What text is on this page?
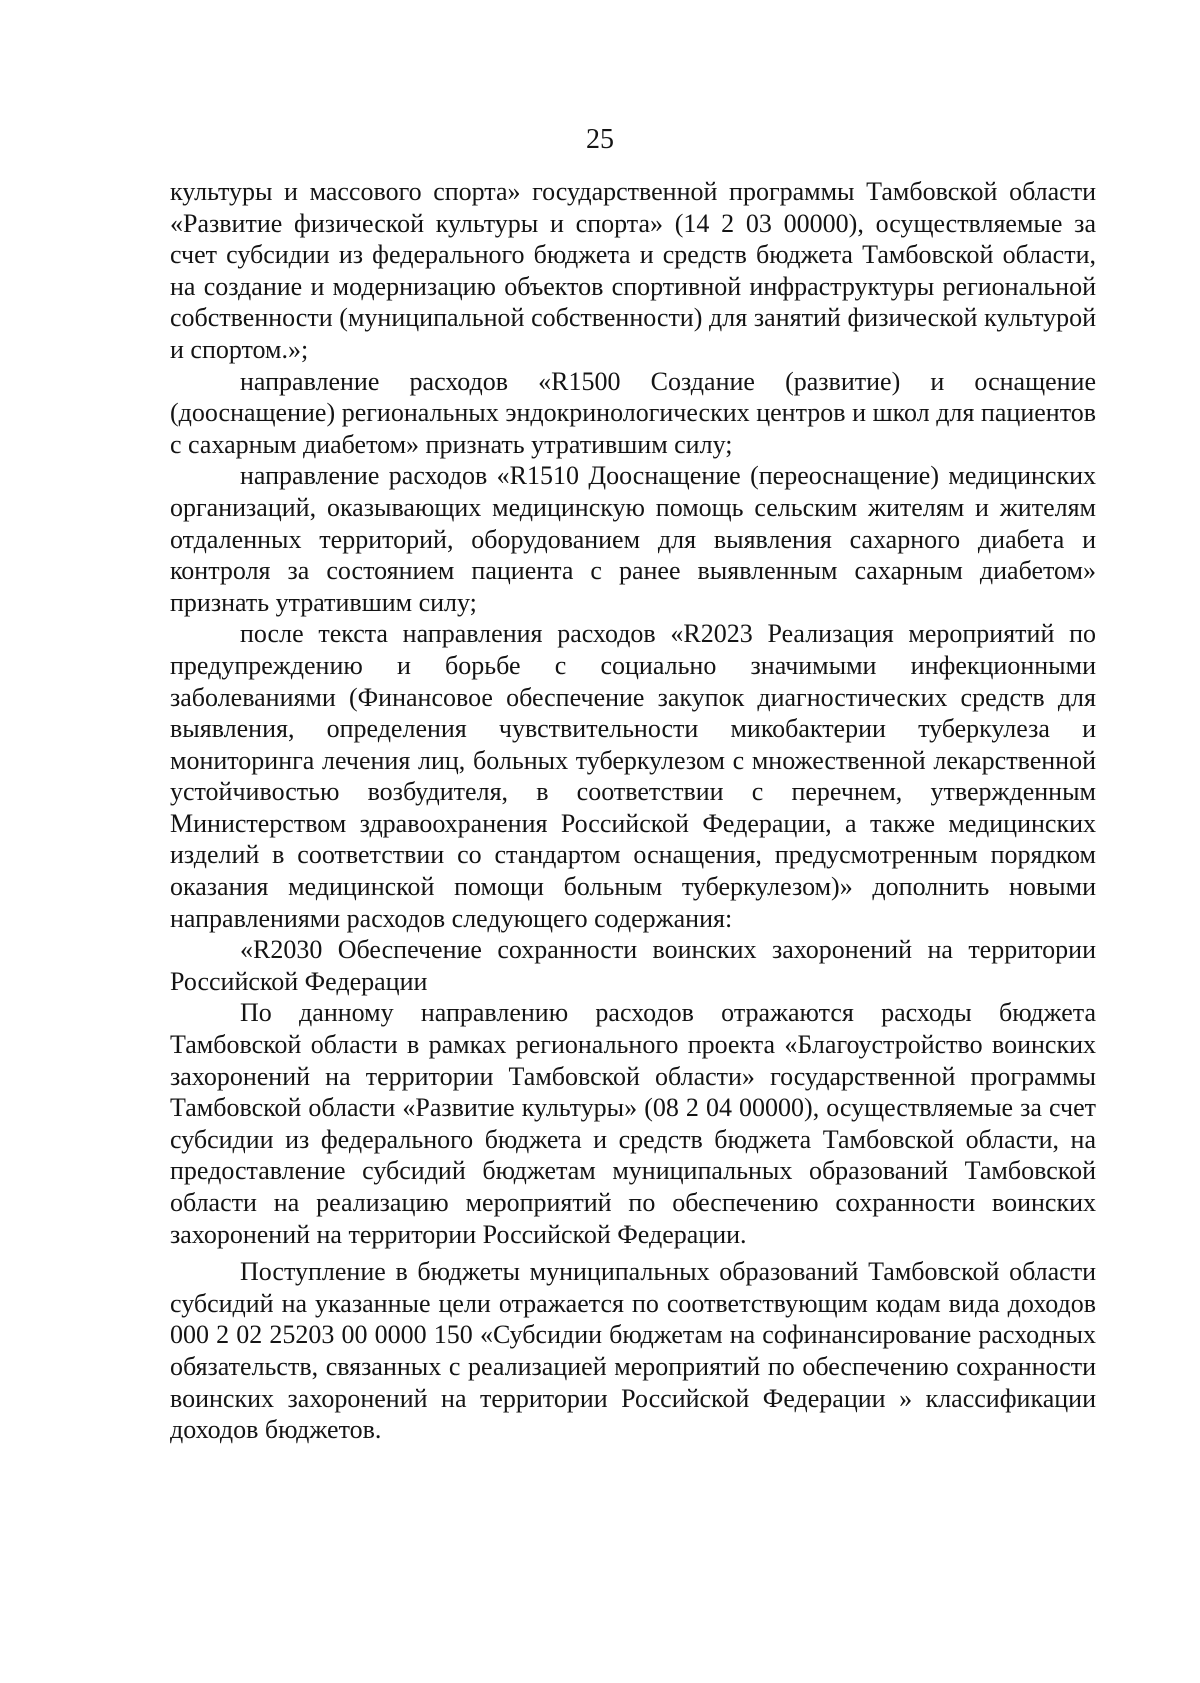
25

культуры и массового спорта» государственной программы Тамбовской области «Развитие физической культуры и спорта» (14 2 03 00000), осуществляемые за счет субсидии из федерального бюджета и средств бюджета Тамбовской области, на создание и модернизацию объектов спортивной инфраструктуры региональной собственности (муниципальной собственности) для занятий физической культурой и спортом.»;

направление расходов «R1500 Создание (развитие) и оснащение (дооснащение) региональных эндокринологических центров и школ для пациентов с сахарным диабетом» признать утратившим силу;

направление расходов «R1510 Дооснащение (переоснащение) медицинских организаций, оказывающих медицинскую помощь сельским жителям и жителям отдаленных территорий, оборудованием для выявления сахарного диабета и контроля за состоянием пациента с ранее выявленным сахарным диабетом» признать утратившим силу;

после текста направления расходов «R2023 Реализация мероприятий по предупреждению и борьбе с социально значимыми инфекционными заболеваниями (Финансовое обеспечение закупок диагностических средств для выявления, определения чувствительности микобактерии туберкулеза и мониторинга лечения лиц, больных туберкулезом с множественной лекарственной устойчивостью возбудителя, в соответствии с перечнем, утвержденным Министерством здравоохранения Российской Федерации, а также медицинских изделий в соответствии со стандартом оснащения, предусмотренным порядком оказания медицинской помощи больным туберкулезом)» дополнить новыми направлениями расходов следующего содержания:

«R2030 Обеспечение сохранности воинских захоронений на территории Российской Федерации

По данному направлению расходов отражаются расходы бюджета Тамбовской области в рамках регионального проекта «Благоустройство воинских захоронений на территории Тамбовской области» государственной программы Тамбовской области «Развитие культуры» (08 2 04 00000), осуществляемые за счет субсидии из федерального бюджета и средств бюджета Тамбовской области, на предоставление субсидий бюджетам муниципальных образований Тамбовской области на реализацию мероприятий по обеспечению сохранности воинских захоронений на территории Российской Федерации.

Поступление в бюджеты муниципальных образований Тамбовской области субсидий на указанные цели отражается по соответствующим кодам вида доходов 000 2 02 25203 00 0000 150 «Субсидии бюджетам на софинансирование расходных обязательств, связанных с реализацией мероприятий по обеспечению сохранности воинских захоронений на территории Российской Федерации » классификации доходов бюджетов.
